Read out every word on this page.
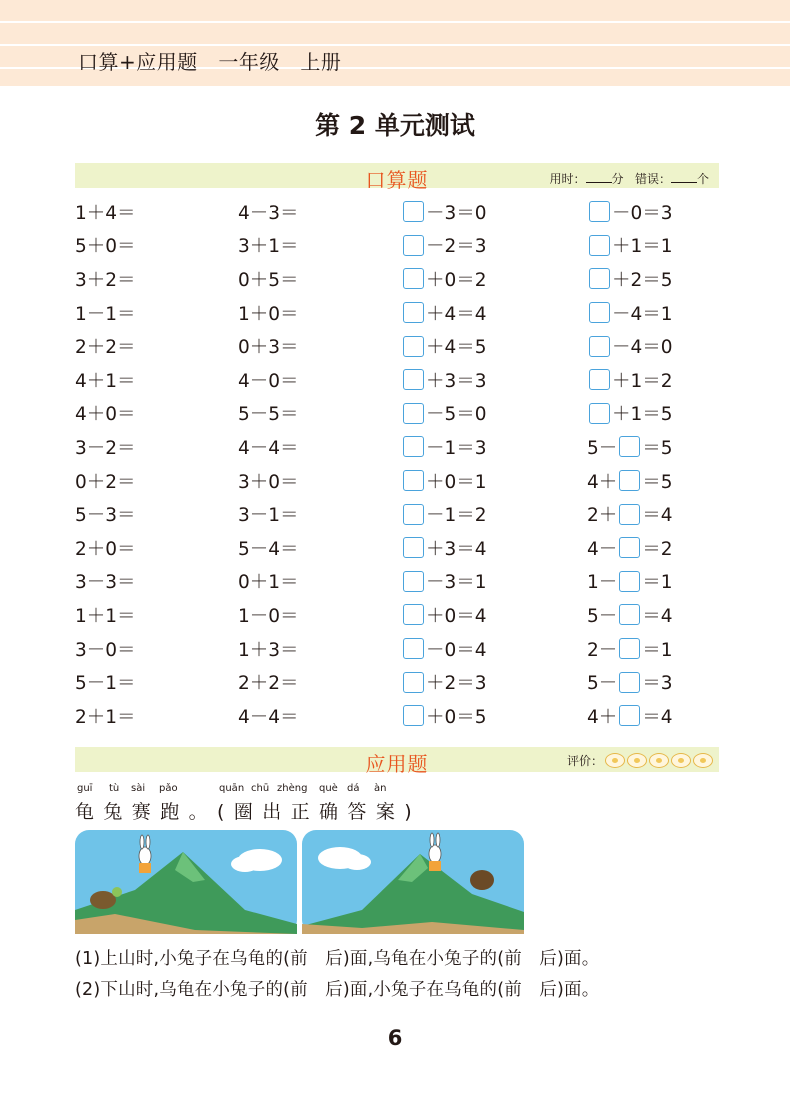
口算+应用题   一年级   上册
第 2 单元测试
口算题	用时： 分 错误： 个
1＋4＝	4－3＝	－3＝0	－0＝3
5＋0＝	3＋1＝	－2＝3	＋1＝1
3＋2＝	0＋5＝	＋0＝2	＋2＝5
1－1＝	1＋0＝	＋4＝4	－4＝1
2＋2＝	0＋3＝	＋4＝5	－4＝0
4＋1＝	4－0＝	＋3＝3	＋1＝2
4＋0＝	5－5＝	－5＝0	＋1＝5
3－2＝	4－4＝	－1＝3	5－ ＝5
0＋2＝	3＋0＝	＋0＝1	4＋ ＝5
5－3＝	3－1＝	－1＝2	2＋ ＝4
2＋0＝	5－4＝	＋3＝4	4－ ＝2
3－3＝	0＋1＝	－3＝1	1－ ＝1
1＋1＝	1－0＝	＋0＝4	5－ ＝4
3－0＝	1＋3＝	－0＝4	2－ ＝1
5－1＝	2＋2＝	＋2＝3	5－ ＝3
2＋1＝	4－4＝	＋0＝5	4＋ ＝4
应用题	评价：
guī tù sài pǎo	quān chū zhèng què dá àn
龟兔赛跑。(圈出正确答案)
(1)上山时,小兔子在乌龟的(前   后)面,乌龟在小兔子的(前   后)面。
(2)下山时,乌龟在小兔子的(前   后)面,小兔子在乌龟的(前   后)面。
6
